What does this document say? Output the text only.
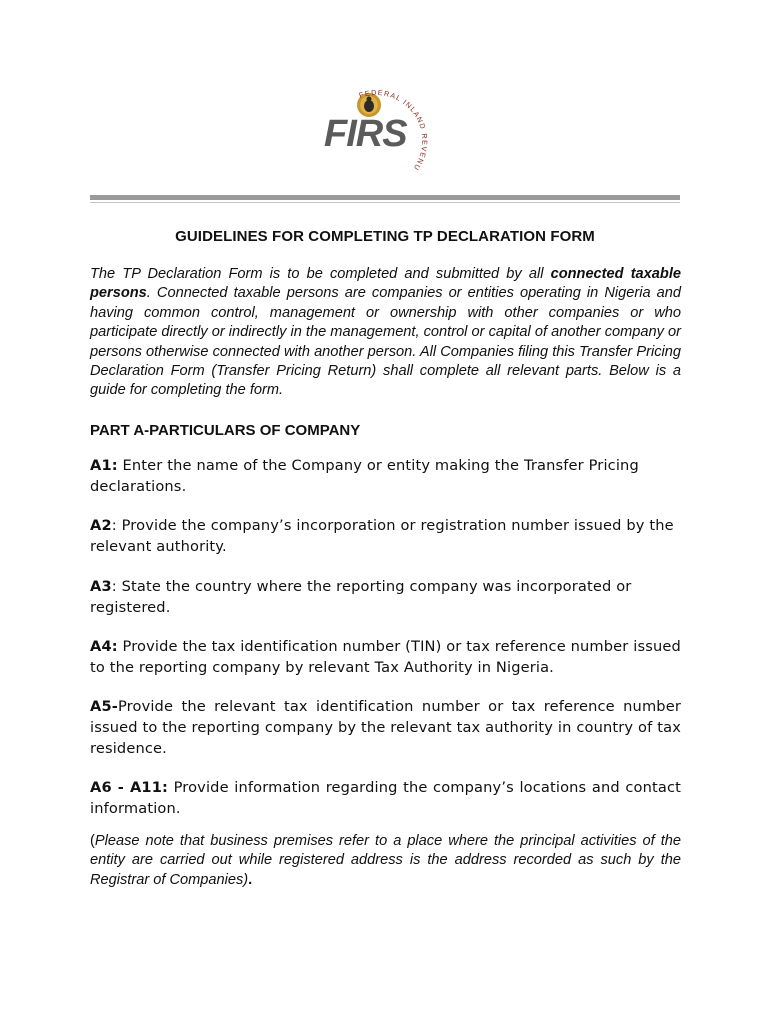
FEDERAL INLAND REVENU
FIRS
GUIDELINES FOR COMPLETING TP DECLARATION FORM

The TP Declaration Form is to be completed and submitted by all connected taxable persons. Connected taxable persons are companies or entities operating in Nigeria and having common control, management or ownership with other companies or who participate directly or indirectly in the management, control or capital of another company or persons otherwise connected with another person. All Companies filing this Transfer Pricing Declaration Form (Transfer Pricing Return) shall complete all relevant parts. Below is a guide for completing the form.

PART A-PARTICULARS OF COMPANY

A1: Enter the name of the Company or entity making the Transfer Pricing declarations.

A2: Provide the company’s incorporation or registration number issued by the relevant authority.

A3: State the country where the reporting company was incorporated or registered.

A4: Provide the tax identification number (TIN) or tax reference number issued to the reporting company by relevant Tax Authority in Nigeria.

A5-Provide the relevant tax identification number or tax reference number issued to the reporting company by the relevant tax authority in country of tax residence.

A6 - A11: Provide information regarding the company’s locations and contact information.

(Please note that business premises refer to a place where the principal activities of the entity are carried out while registered address is the address recorded as such by the Registrar of Companies).
